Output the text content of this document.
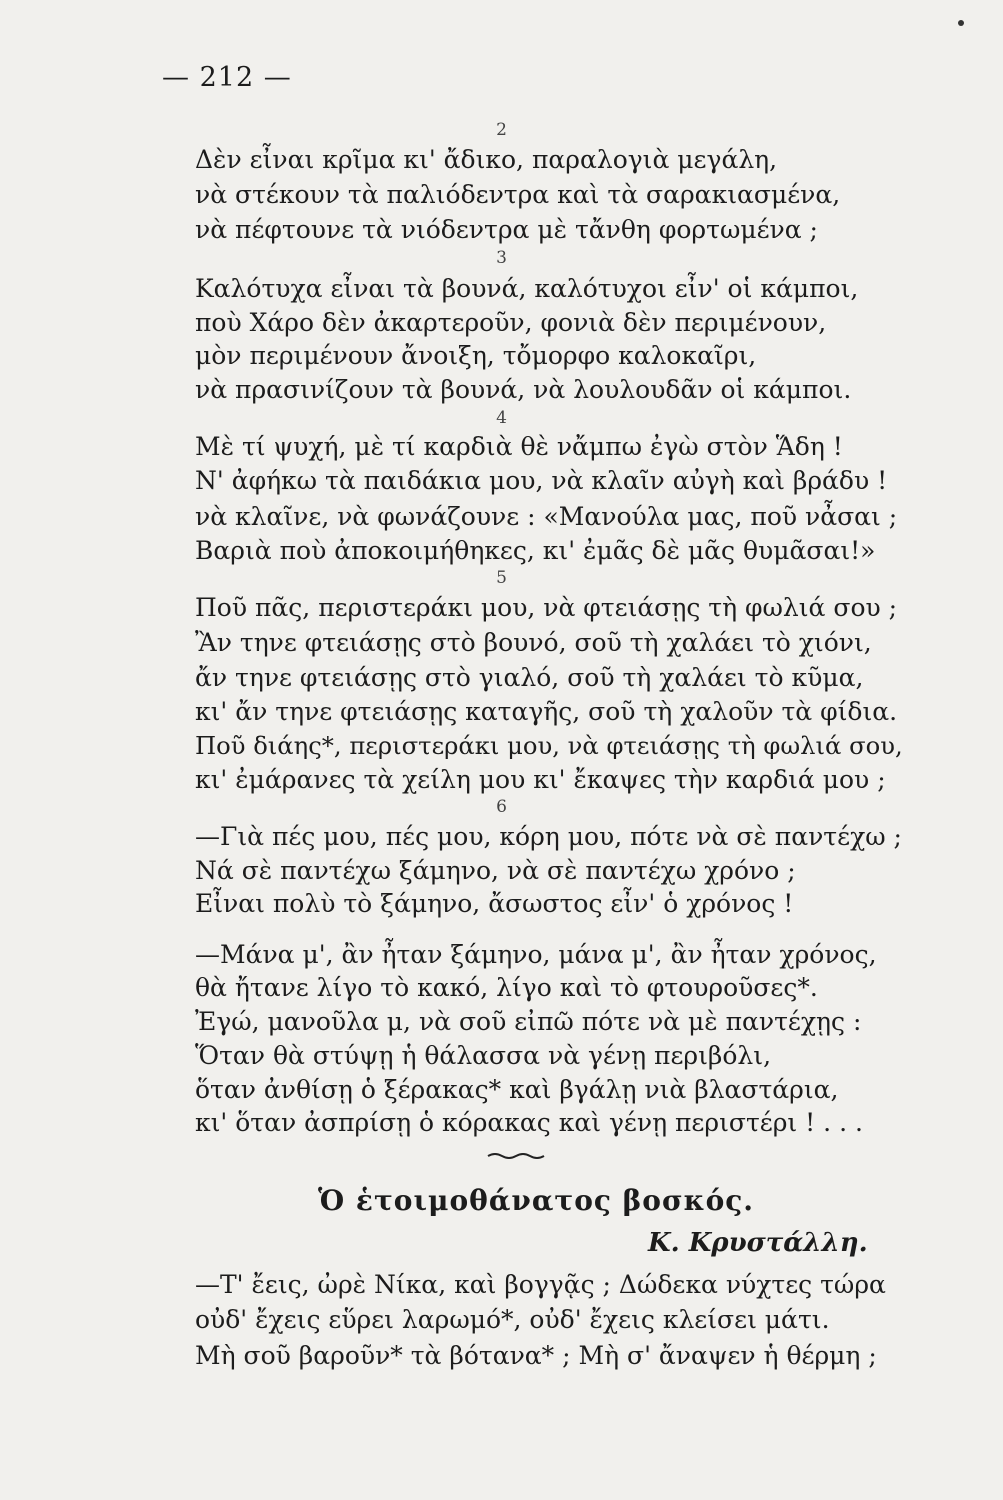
— 212 —
2
Δὲν εἶναι κρῖμα κι' ἄδικο, παραλογιὰ μεγάλη,
νὰ στέκουν τὰ παλιόδεντρα καὶ τὰ σαρακιασμένα,
νὰ πέφτουνε τὰ νιόδεντρα μὲ τἄνθη φορτωμένα ;
3
Καλότυχα εἶναι τὰ βουνά, καλότυχοι εἶν' οἱ κάμποι,
ποὺ Χάρο δὲν ἀκαρτεροῦν, φονιὰ δὲν περιμένουν,
μὸν περιμένουν ἄνοιξη, τὄμορφο καλοκαῖρι,
νὰ πρασινίζουν τὰ βουνά, νὰ λουλουδᾶν οἱ κάμποι.
4
Μὲ τί ψυχή, μὲ τί καρδιὰ θὲ νἄμπω ἐγὼ στὸν Ἅδη !
Ν' ἀφήκω τὰ παιδάκια μου, νὰ κλαῖν αὐγὴ καὶ βράδυ !
νὰ κλαῖνε, νὰ φωνάζουνε : «Μανούλα μας, ποῦ νἆσαι ;
Βαριὰ ποὺ ἀποκοιμήθηκες, κι' ἐμᾶς δὲ μᾶς θυμᾶσαι!»
5
Ποῦ πᾶς, περιστεράκι μου, νὰ φτειάσῃς τὴ φωλιά σου ;
Ἂν τηνε φτειάσῃς στὸ βουνό, σοῦ τὴ χαλάει τὸ χιόνι,
ἄν τηνε φτειάσῃς στὸ γιαλό, σοῦ τὴ χαλάει τὸ κῦμα,
κι' ἄν τηνε φτειάσῃς καταγῆς, σοῦ τὴ χαλοῦν τὰ φίδια.
Ποῦ διάης*, περιστεράκι μου, νὰ φτειάσῃς τὴ φωλιά σου,
κι' ἐμάρανες τὰ χείλη μου κι' ἔκαψες τὴν καρδιά μου ;
6
—Γιὰ πές μου, πές μου, κόρη μου, πότε νὰ σὲ παντέχω ;
Νά σὲ παντέχω ξάμηνο, νὰ σὲ παντέχω χρόνο ;
Εἶναι πολὺ τὸ ξάμηνο, ἄσωστος εἶν' ὁ χρόνος !
—Μάνα μ', ἂν ἦταν ξάμηνο, μάνα μ', ἂν ἦταν χρόνος,
θὰ ἤτανε λίγο τὸ κακό, λίγο καὶ τὸ φτουροῦσες*.
Ἐγώ, μανοῦλα μ, νὰ σοῦ εἰπῶ πότε νὰ μὲ παντέχῃς :
Ὅταν θὰ στύψῃ ἡ θάλασσα νὰ γένῃ περιβόλι,
ὅταν ἀνθίσῃ ὁ ξέρακας* καὶ βγάλῃ νιὰ βλαστάρια,
κι' ὅταν ἀσπρίσῃ ὁ κόρακας καὶ γένῃ περιστέρι ! . . .
Ὁ ἑτοιμοθάνατος βοσκός.
Κ. Κρυστάλλη.
—Τ' ἔεις, ὠρὲ Νίκα, καὶ βογγᾷς ; Δώδεκα νύχτες τώρα
οὐδ' ἔχεις εὕρει λαρωμό*, οὐδ' ἔχεις κλείσει μάτι.
Μὴ σοῦ βαροῦν* τὰ βότανα* ; Μὴ σ' ἄναψεν ἡ θέρμη ;
